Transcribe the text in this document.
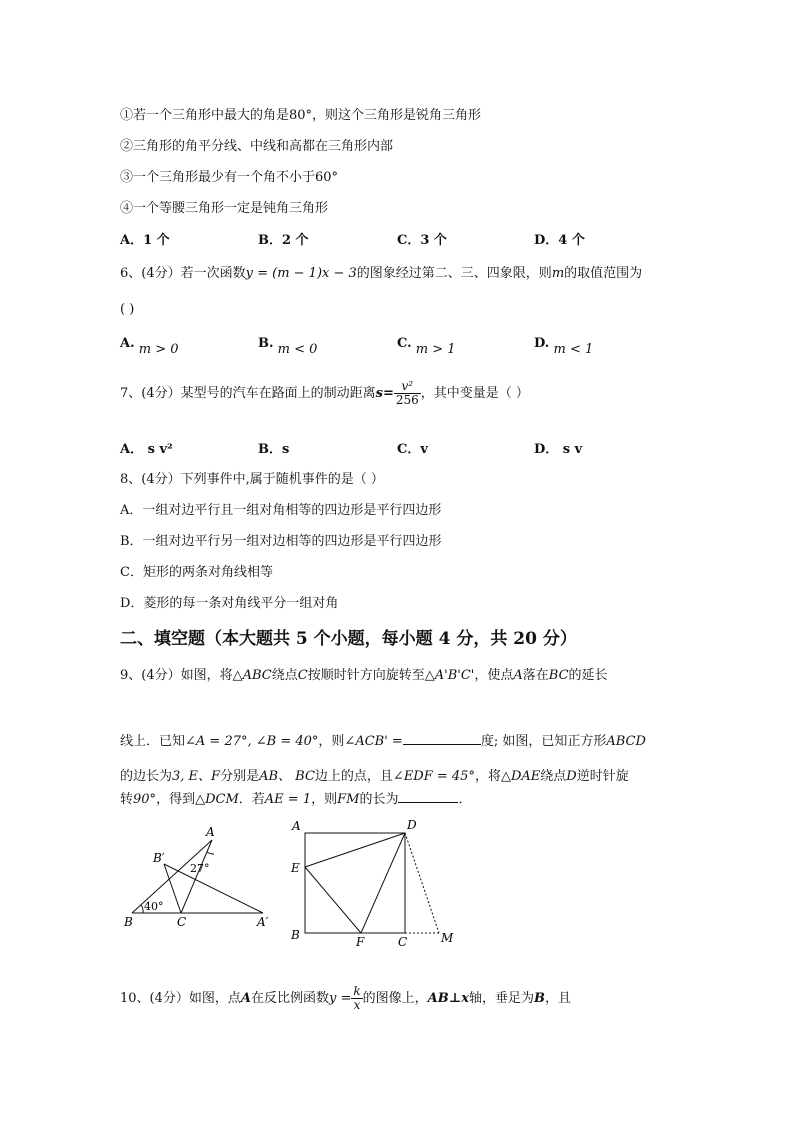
①若一个三角形中最大的角是80°，则这个三角形是锐角三角形
②三角形的角平分线、中线和高都在三角形内部
③一个三角形最少有一个角不小于60°
④一个等腰三角形一定是钝角三角形
A．1 个	B．2 个	C．3 个	D．4 个
6、(4分）若一次函数y = (m − 1)x − 3的图象经过第二、三、四象限，则m的取值范围为
( )
A. m > 0	B. m < 0	C. m > 1	D. m < 1
7、(4分）某型号的汽车在路面上的制动距离$s= \frac{\text{v²}}{256}$ ，其中变量是（ ）
A． s v²	B．s	C．v	D． s v
8、(4分）下列事件中,属于随机事件的是（ ）
A．一组对边平行且一组对角相等的四边形是平行四边形
B．一组对边平行另一组对边相等的四边形是平行四边形
C．矩形的两条对角线相等
D．菱形的每一条对角线平分一组对角
二、填空题（本大题共 5 个小题，每小题 4 分，共 20 分）
9、(4分）如图，将△ABC绕点C按顺时针方向旋转至△A'B'C'，使点A落在BC的延长
线上．已知∠A = 27°, ∠B = 40°，则∠ACB' =	度; 如图，已知正方形ABCD
的边长为3, E、F分别是AB、 BC边上的点，且∠EDF = 45°，将△DAE绕点D逆时针旋
转90°，得到△DCM．若AE = 1，则FM的长为	．
A
B′
27°
40°
B	C	A′
A	D
E
B	F	C	M
10、(4分）如图，点A在反比例函数$y = \frac{k}{x}$ 的图像上，AB⊥x轴，垂足为B，且
